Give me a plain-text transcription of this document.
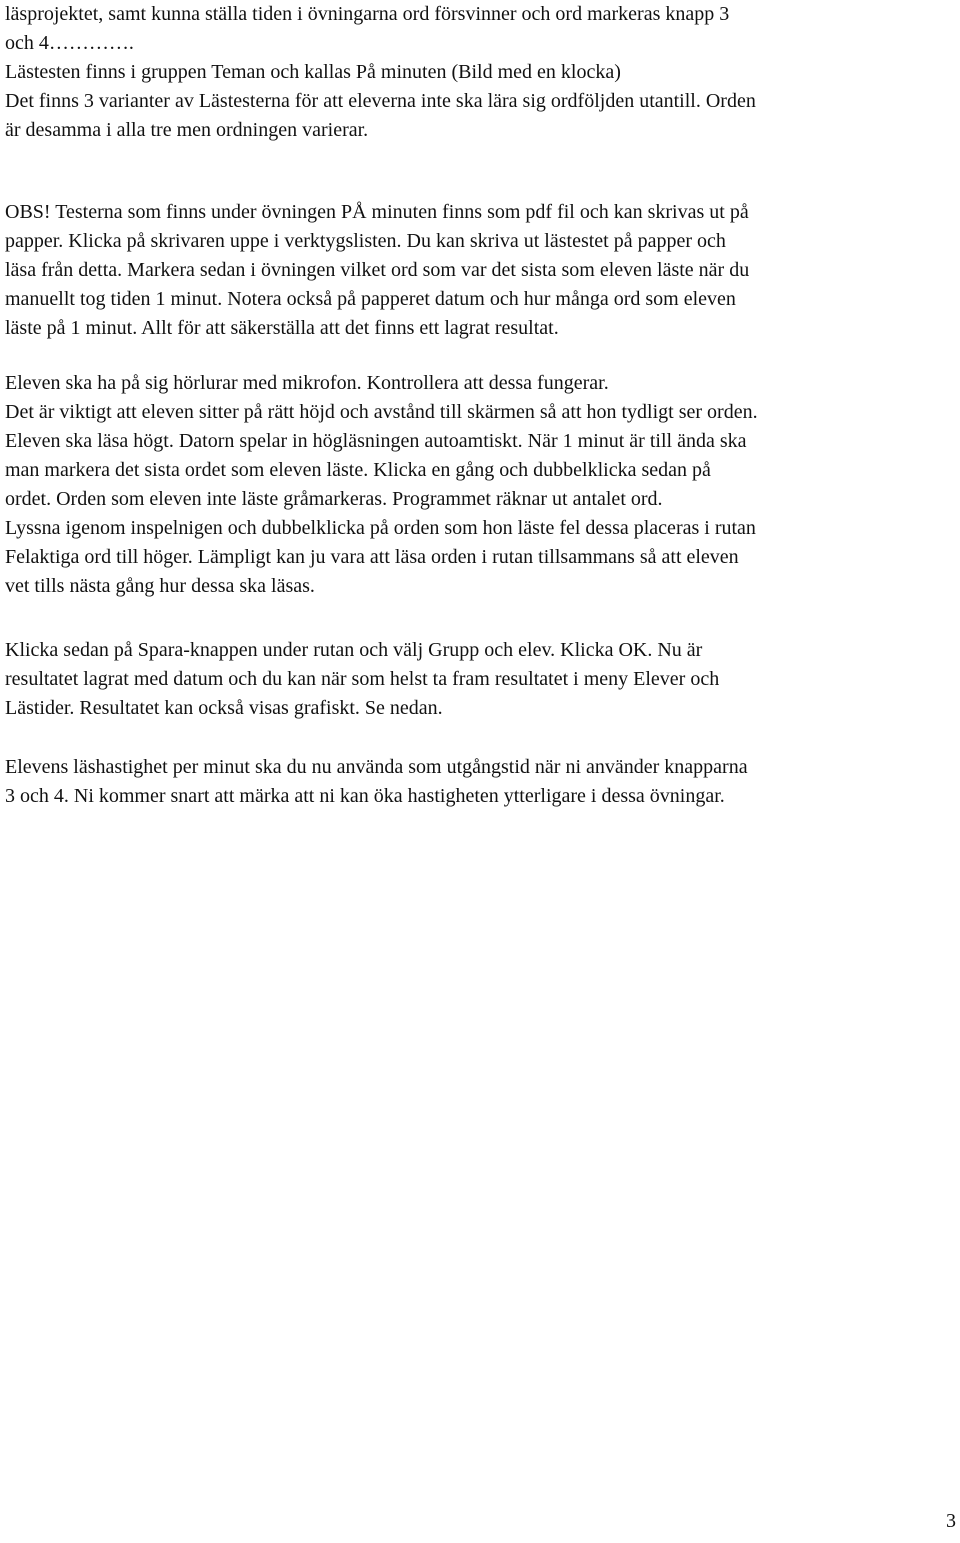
läsprojektet, samt kunna ställa tiden i övningarna ord försvinner och ord markeras knapp 3
och 4………….

Lästesten finns i gruppen Teman och kallas På minuten (Bild med en klocka)
Det finns 3 varianter av Lästesterna för att eleverna inte ska lära sig ordföljden utantill. Orden
är desamma i alla tre men ordningen varierar.

OBS! Testerna som finns under övningen PÅ minuten finns som pdf fil och kan skrivas ut på
papper. Klicka på skrivaren uppe i verktygslisten. Du kan skriva ut lästestet på papper och
läsa från detta. Markera sedan i övningen vilket ord som var det sista som eleven läste när du
manuellt tog tiden 1 minut. Notera också på papperet datum och hur många ord som eleven
läste på 1 minut. Allt för att säkerställa att det finns ett lagrat resultat.

Eleven ska ha på sig hörlurar med mikrofon. Kontrollera att dessa fungerar.
Det är viktigt att eleven sitter på rätt höjd och avstånd till skärmen så att hon tydligt ser orden.
Eleven ska läsa högt. Datorn spelar in högläsningen autoamtiskt. När 1 minut är till ända ska
man markera det sista ordet som eleven läste. Klicka en gång och dubbelklicka sedan på
ordet. Orden som eleven inte läste gråmarkeras. Programmet räknar ut antalet ord.
Lyssna igenom inspelnigen och dubbelklicka på orden som hon läste fel dessa placeras i rutan
Felaktiga ord till höger. Lämpligt kan ju vara att läsa orden i rutan tillsammans så att eleven
vet tills nästa gång hur dessa ska läsas.

Klicka sedan på Spara-knappen under rutan och välj Grupp och elev. Klicka OK. Nu är
resultatet lagrat med datum och du kan när som helst ta fram resultatet i meny Elever och
Lästider. Resultatet kan också visas grafiskt. Se nedan.

Elevens läshastighet per minut ska du nu använda som utgångstid när ni använder knapparna
3 och 4. Ni kommer snart att märka att ni kan öka hastigheten ytterligare i dessa övningar.

3
